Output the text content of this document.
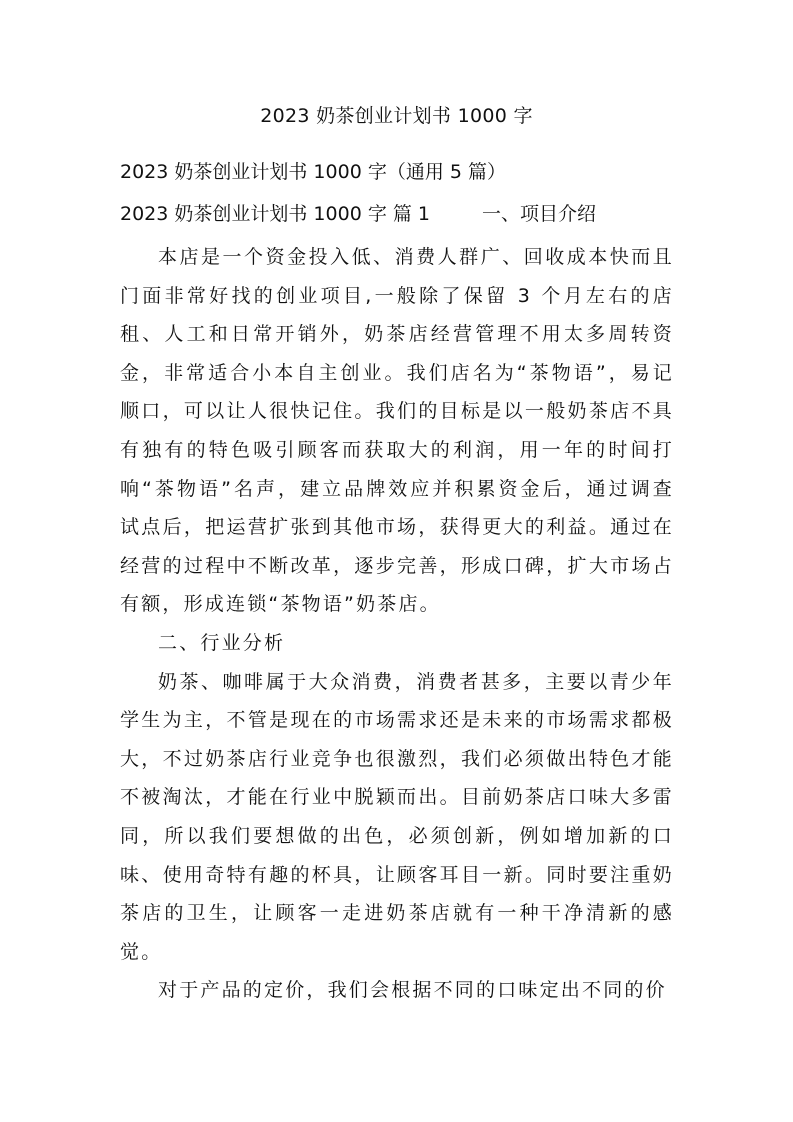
2023 奶茶创业计划书 1000 字
2023 奶茶创业计划书 1000 字（通用 5 篇）
2023 奶茶创业计划书 1000 字 篇 1	一、项目介绍

本店是一个资金投入低、消费人群广、回收成本快而且门面非常好找的创业项目,一般除了保留 3 个月左右的店租、人工和日常开销外，奶茶店经营管理不用太多周转资金，非常适合小本自主创业。我们店名为“茶物语”，易记顺口，可以让人很快记住。我们的目标是以一般奶茶店不具有独有的特色吸引顾客而获取大的利润，用一年的时间打响“茶物语”名声，建立品牌效应并积累资金后，通过调查试点后，把运营扩张到其他市场，获得更大的利益。通过在经营的过程中不断改革，逐步完善，形成口碑，扩大市场占有额，形成连锁“茶物语”奶茶店。

二、行业分析

奶茶、咖啡属于大众消费，消费者甚多，主要以青少年学生为主，不管是现在的市场需求还是未来的市场需求都极大，不过奶茶店行业竞争也很激烈，我们必须做出特色才能不被淘汰，才能在行业中脱颖而出。目前奶茶店口味大多雷同，所以我们要想做的出色，必须创新，例如增加新的口味、使用奇特有趣的杯具，让顾客耳目一新。同时要注重奶茶店的卫生，让顾客一走进奶茶店就有一种干净清新的感觉。

对于产品的定价，我们会根据不同的口味定出不同的价
